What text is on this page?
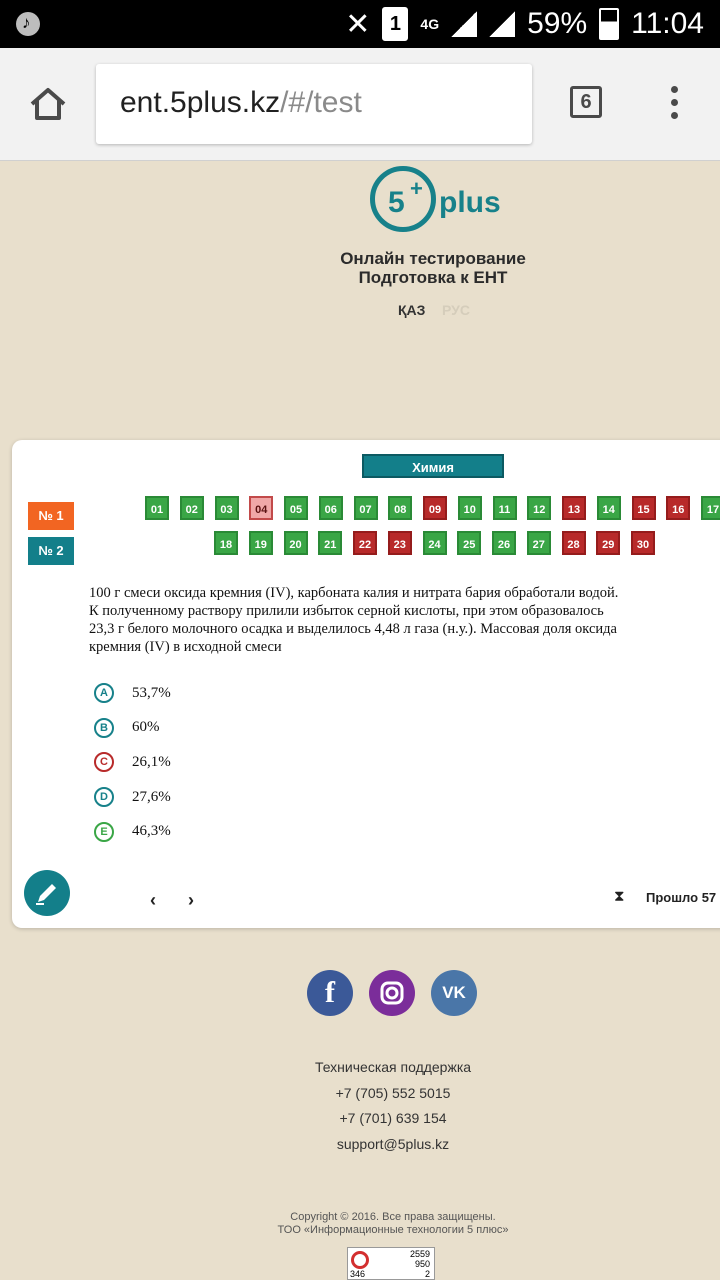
♪
✕ 1	4G	59% 11:04
ent.5plus.kz/#/test	6
5 + plus
Онлайн тестирование
Подготовка к ЕНТ
ҚАЗ РУС
Химия
№ 1
№ 2
01	02	03	04	05	06	07	08	09	10	11	12	13	14	15	16	17
18	19	20	21	22	23	24	25	26	27	28	29	30
100 г смеси оксида кремния (IV), карбоната калия и нитрата бария обработали водой. К полученному раствору прилили избыток серной кислоты, при этом образовалось 23,3 г белого молочного осадка и выделилось 4,48 л газа (н.у.). Массовая доля оксида кремния (IV) в исходной смеси
A	53,7%
B	60%
C	26,1%
D	27,6%
E	46,3%
‹ ›	⧗ Прошло 57
f	VK
Техническая поддержка
+7 (705) 552 5015
+7 (701) 639 154
support@5plus.kz
Copyright © 2016. Все права защищены.
ТОО «Информационные технологии 5 плюс»
2559
950
346	2
